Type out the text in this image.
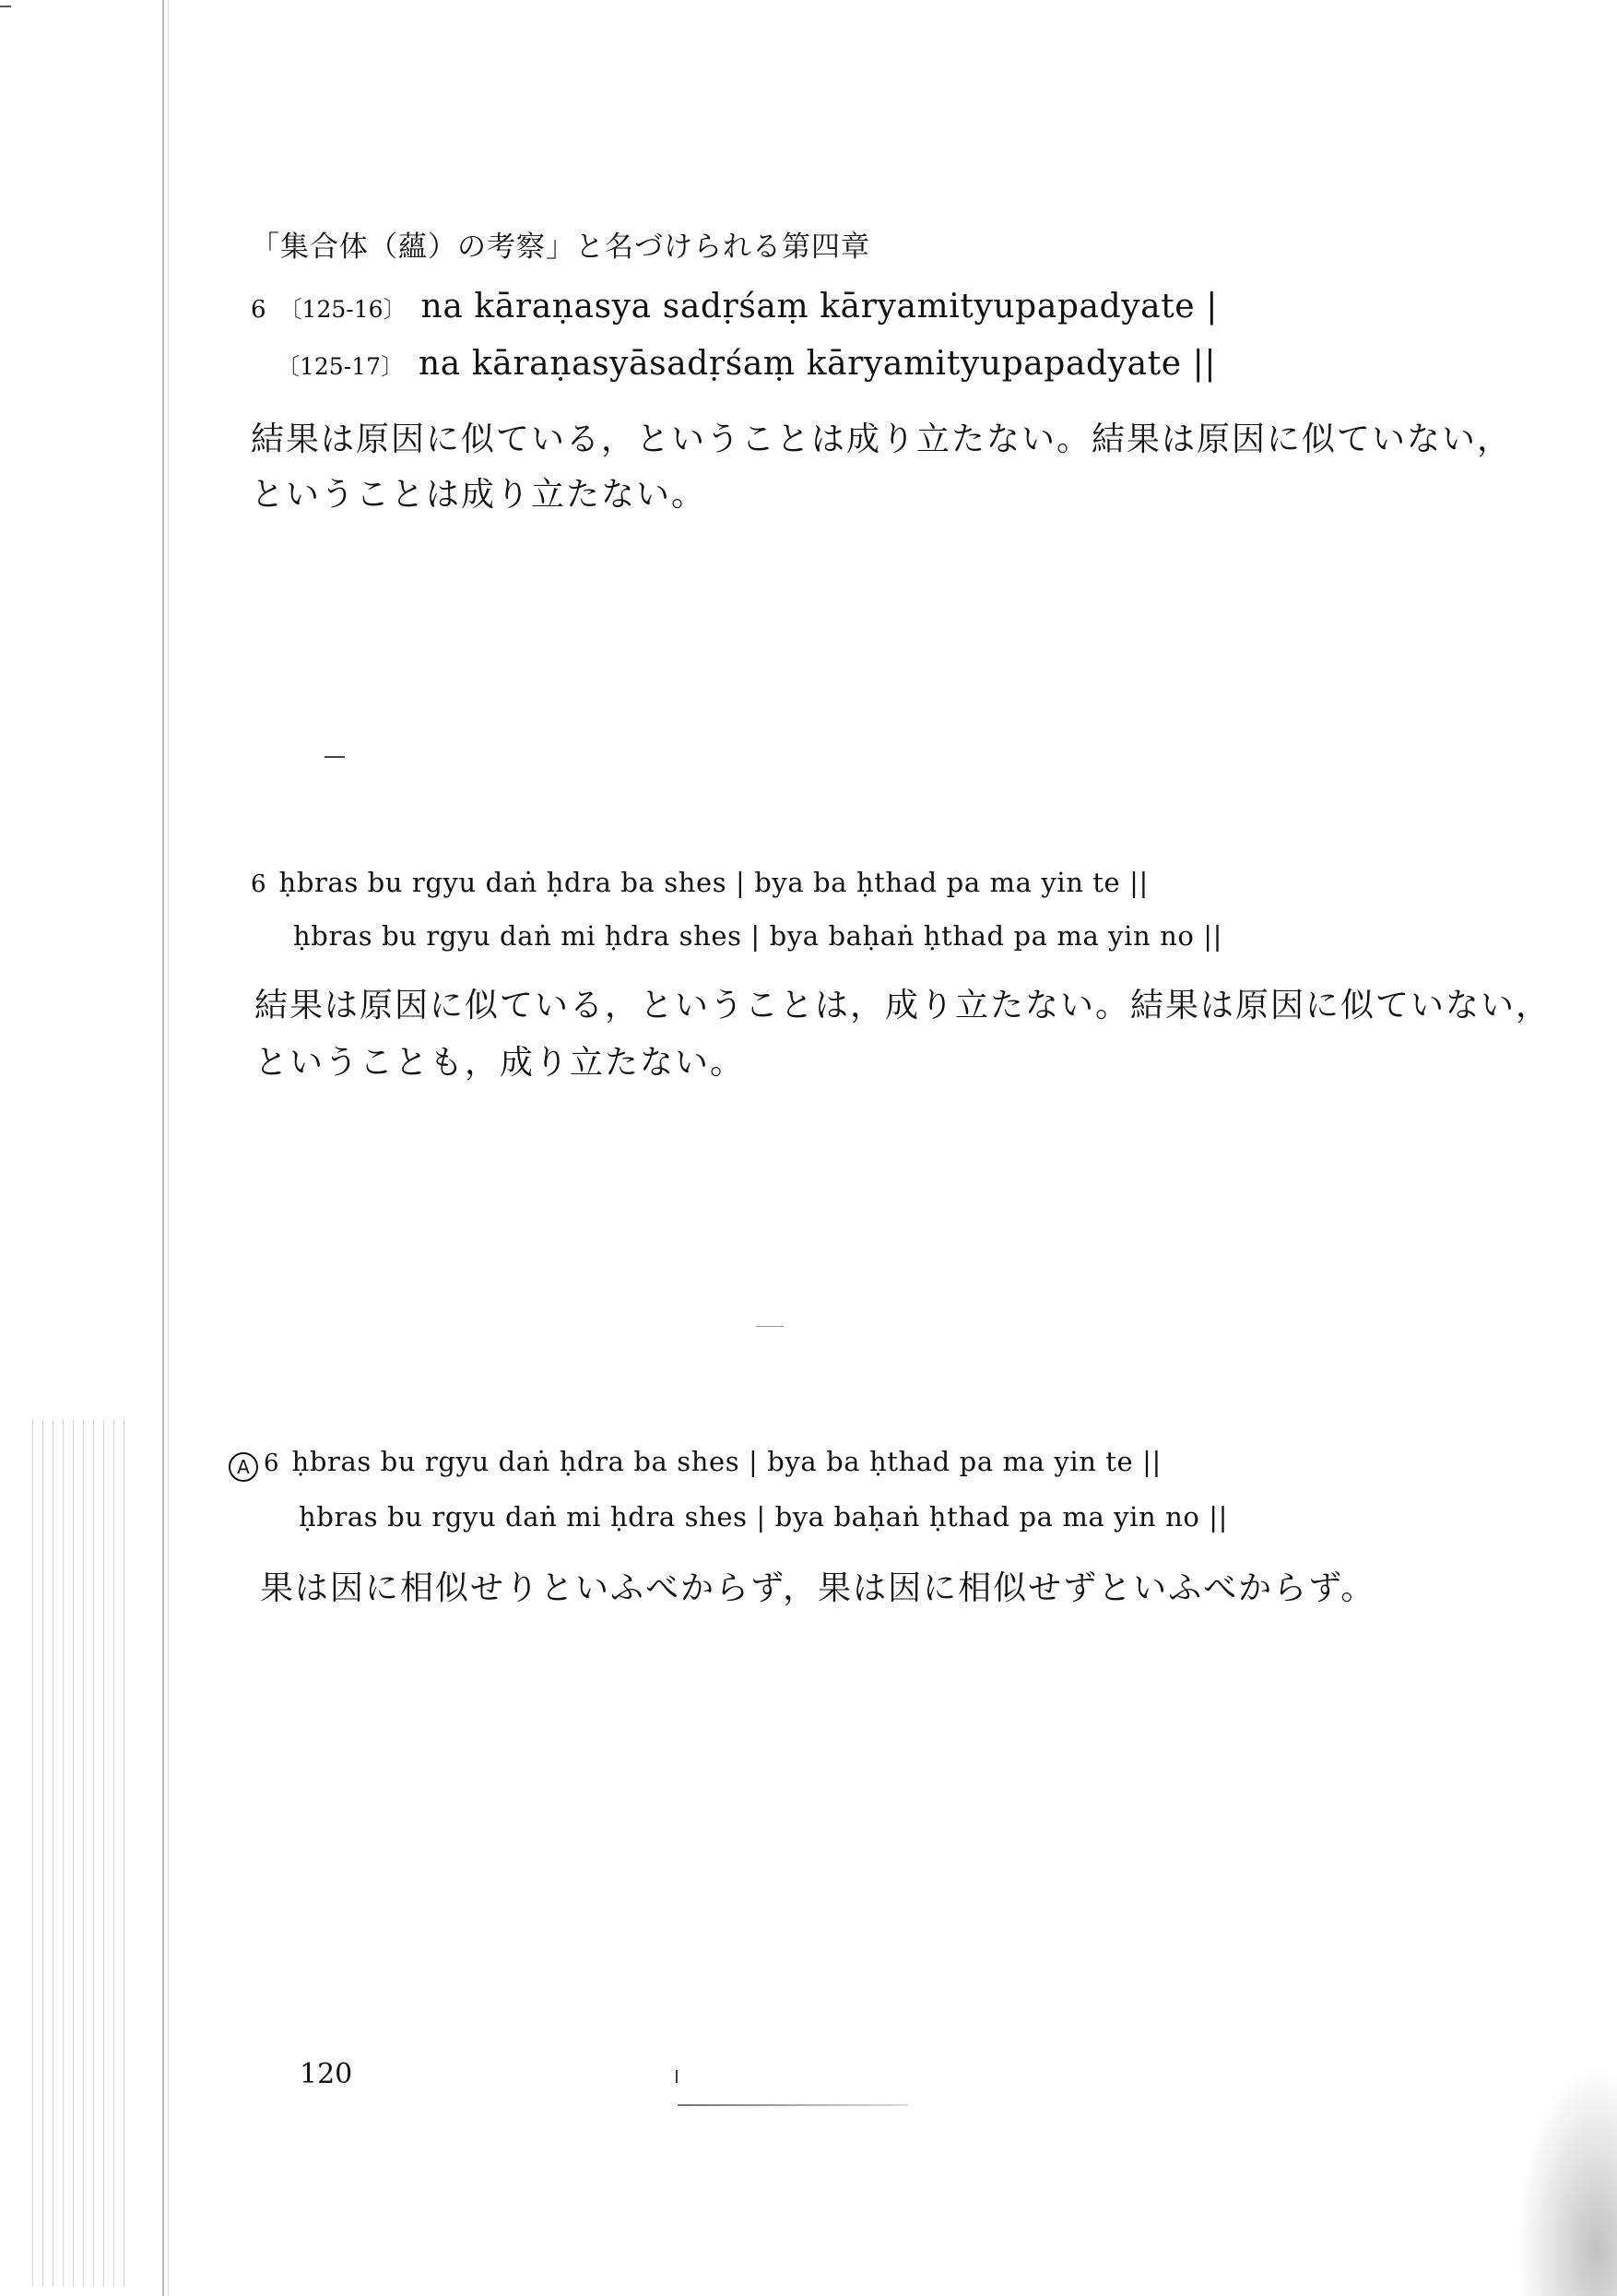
「集合体（蘊）の考察」と名づけられる第四章
6 〔125-16〕 na kāraṇasya sadṛśaṃ kāryamityupapadyate |
〔125-17〕 na kāraṇasyāsadṛśaṃ kāryamityupapadyate ||
結果は原因に似ている，ということは成り立たない。結果は原因に似ていない，
ということは成り立たない。
6 ḥbras bu rgyu daṅ ḥdra ba shes | bya ba ḥthad pa ma yin te ||
ḥbras bu rgyu daṅ mi ḥdra shes | bya baḥaṅ ḥthad pa ma yin no ||
結果は原因に似ている，ということは，成り立たない。結果は原因に似ていない，
ということも，成り立たない。
A 6 ḥbras bu rgyu daṅ ḥdra ba shes | bya ba ḥthad pa ma yin te ||
ḥbras bu rgyu daṅ mi ḥdra shes | bya baḥaṅ ḥthad pa ma yin no ||
果は因に相似せりといふべからず，果は因に相似せずといふべからず。
120
